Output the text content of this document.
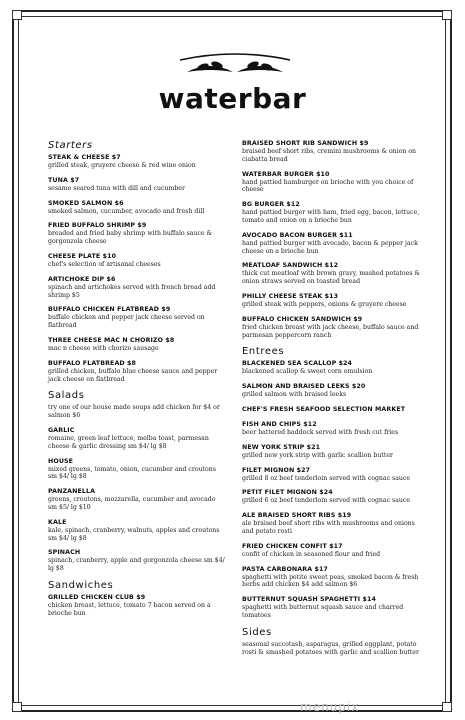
waterbar
Starters
STEAK & CHEESE $7
grilled steak, gruyere cheese & red wine onion
TUNA $7
sesame seared tuna with dill and cucumber
SMOKED SALMON $6
smoked salmon, cucumber, avocado and fresh dill
FRIED BUFFALO SHRIMP $9
breaded and fried baby shrimp with buffalo sauce & gorgonzola cheese
CHEESE PLATE $10
chef's selection of artisanal cheeses
ARTICHOKE DIP $6
spinach and artichokes served with french bread add shrimp $5
BUFFALO CHICKEN FLATBREAD $9
buffalo chicken and pepper jack cheese served on flatbread
THREE CHEESE MAC N CHORIZO $8
mac n cheese with chorizo sausage
BUFFALO FLATBREAD $8
grilled chicken, buffalo blue cheese sauce and pepper jack cheese on flatbread
Salads
try one of our house made soups add chicken for $4 or salmon $6
GARLIC
romaine, green leaf lettuce, melba toast, parmesan cheese & garlic dressing sm $4/ lg $8
HOUSE
mixed greens, tomato, onion, cucumber and croutons sm $4/ lg $8
PANZANELLA
greens, croutons, mozzarella, cucumber and avocado sm $5/ lg $10
KALE
kale, spinach, cranberry, walnuts, apples and croutons sm $4/ lg $8
SPINACH
spinach, cranberry, apple and gorgonzola cheese sm $4/ lg $8
Sandwiches
GRILLED CHICKEN CLUB $9
chicken breast, lettuce, tomato 7 bacon served on a brioche bun
BRAISED SHORT RIB SANDWICH $9
braised beef short ribs, cremini mushrooms & onion on ciabatta bread
WATERBAR BURGER $10
hand pattied hamburger on brioche with you choice of cheese
BG BURGER $12
hand pattied burger with ham, fried egg, bacon, lettuce, tomato and onion on a brioche bun
AVOCADO BACON BURGER $11
hand pattied burger with avocado, bacon & pepper jack cheese on a brioche bun
MEATLOAF SANDWICH $12
thick cut meatloaf with brown gravy, mashed potatoes & onion straws served on toasted bread
PHILLY CHEESE STEAK $13
grilled steak with peppers, onions & gruyere cheese
BUFFALO CHICKEN SANDWICH $9
fried chicken breast with jack cheese, buffalo sauce and parmesan peppercorn ranch
Entrees
BLACKENED SEA SCALLOP $24
blackened scallop & sweet corn emulsion
SALMON AND BRAISED LEEKS $20
grilled salmon with braised leeks
CHEF'S FRESH SEAFOOD SELECTION MARKET
FISH AND CHIPS $12
beer battered haddock served with fresh cut fries
NEW YORK STRIP $21
grilled new york strip with garlic scallion butter
FILET MIGNON $27
grilled 8 oz beef tenderloin served with cognac sauce
PETIT FILET MIGNON $24
grilled 6 oz beef tenderloin served with cognac sauce
ALE BRAISED SHORT RIBS $19
ale braised beef short ribs with mushrooms and onions and potato rosti
FRIED CHICKEN CONFIT $17
confit of chicken in seasoned flour and fried
PASTA CARBONARA $17
spaghetti with petite sweet peas, smoked bacon & fresh herbs add chicken $4 add salmon $6
BUTTERNUT SQUASH SPAGHETTI $14
spaghetti with butternut squash sauce and charred tomatoes
Sides
seasonal succotash, asparagus, grilled eggplant, potato rosti & smashed potatoes with garlic and scallion butter
menupix
